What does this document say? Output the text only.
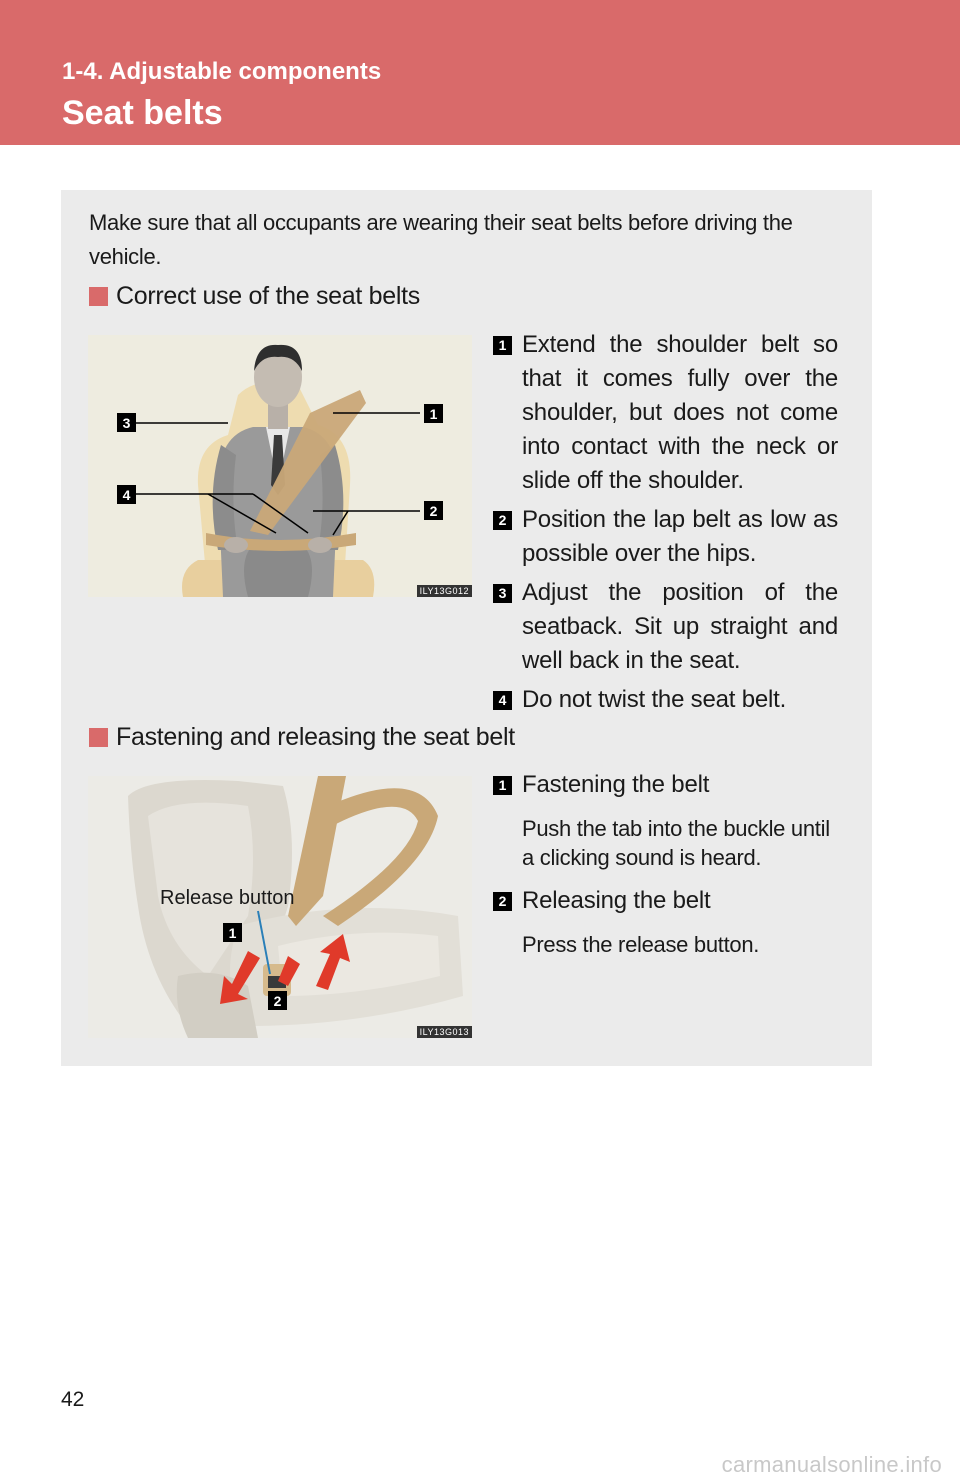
1-4. Adjustable components
Seat belts
Make sure that all occupants are wearing their seat belts before driving the vehicle.
Correct use of the seat belts
3
4
1
2
ILY13G012
1 Extend the shoulder belt so that it comes fully over the shoulder, but does not come into contact with the neck or slide off the shoulder.
2 Position the lap belt as low as possible over the hips.
3 Adjust the position of the seatback. Sit up straight and well back in the seat.
4 Do not twist the seat belt.
Fastening and releasing the seat belt
1
2
Release button
ILY13G013
1 Fastening the belt
Push the tab into the buckle until a clicking sound is heard.
2 Releasing the belt
Press the release button.
42
carmanualsonline.info
